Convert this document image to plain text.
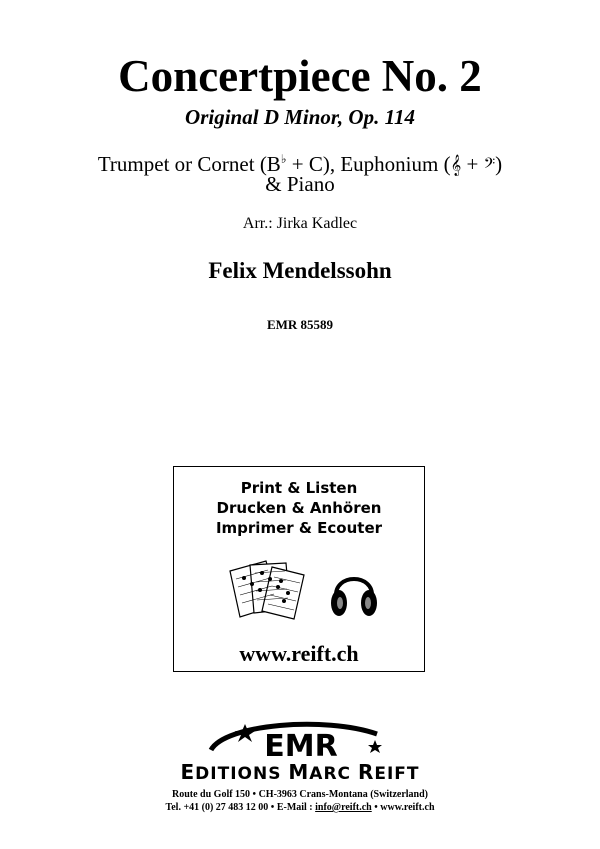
Concertpiece No. 2
Original D Minor, Op. 114
Trumpet or Cornet (B♭ + C), Euphonium (𝄞 + 𝄢)
& Piano
Arr.: Jirka Kadlec
Felix Mendelssohn
EMR 85589
Print & Listen
Drucken & Anhören
Imprimer & Ecouter
www.reift.ch
EMR
EDITIONS MARC REIFT
Route du Golf 150 • CH-3963 Crans-Montana (Switzerland)
Tel. +41 (0) 27 483 12 00 • E-Mail : info@reift.ch • www.reift.ch
